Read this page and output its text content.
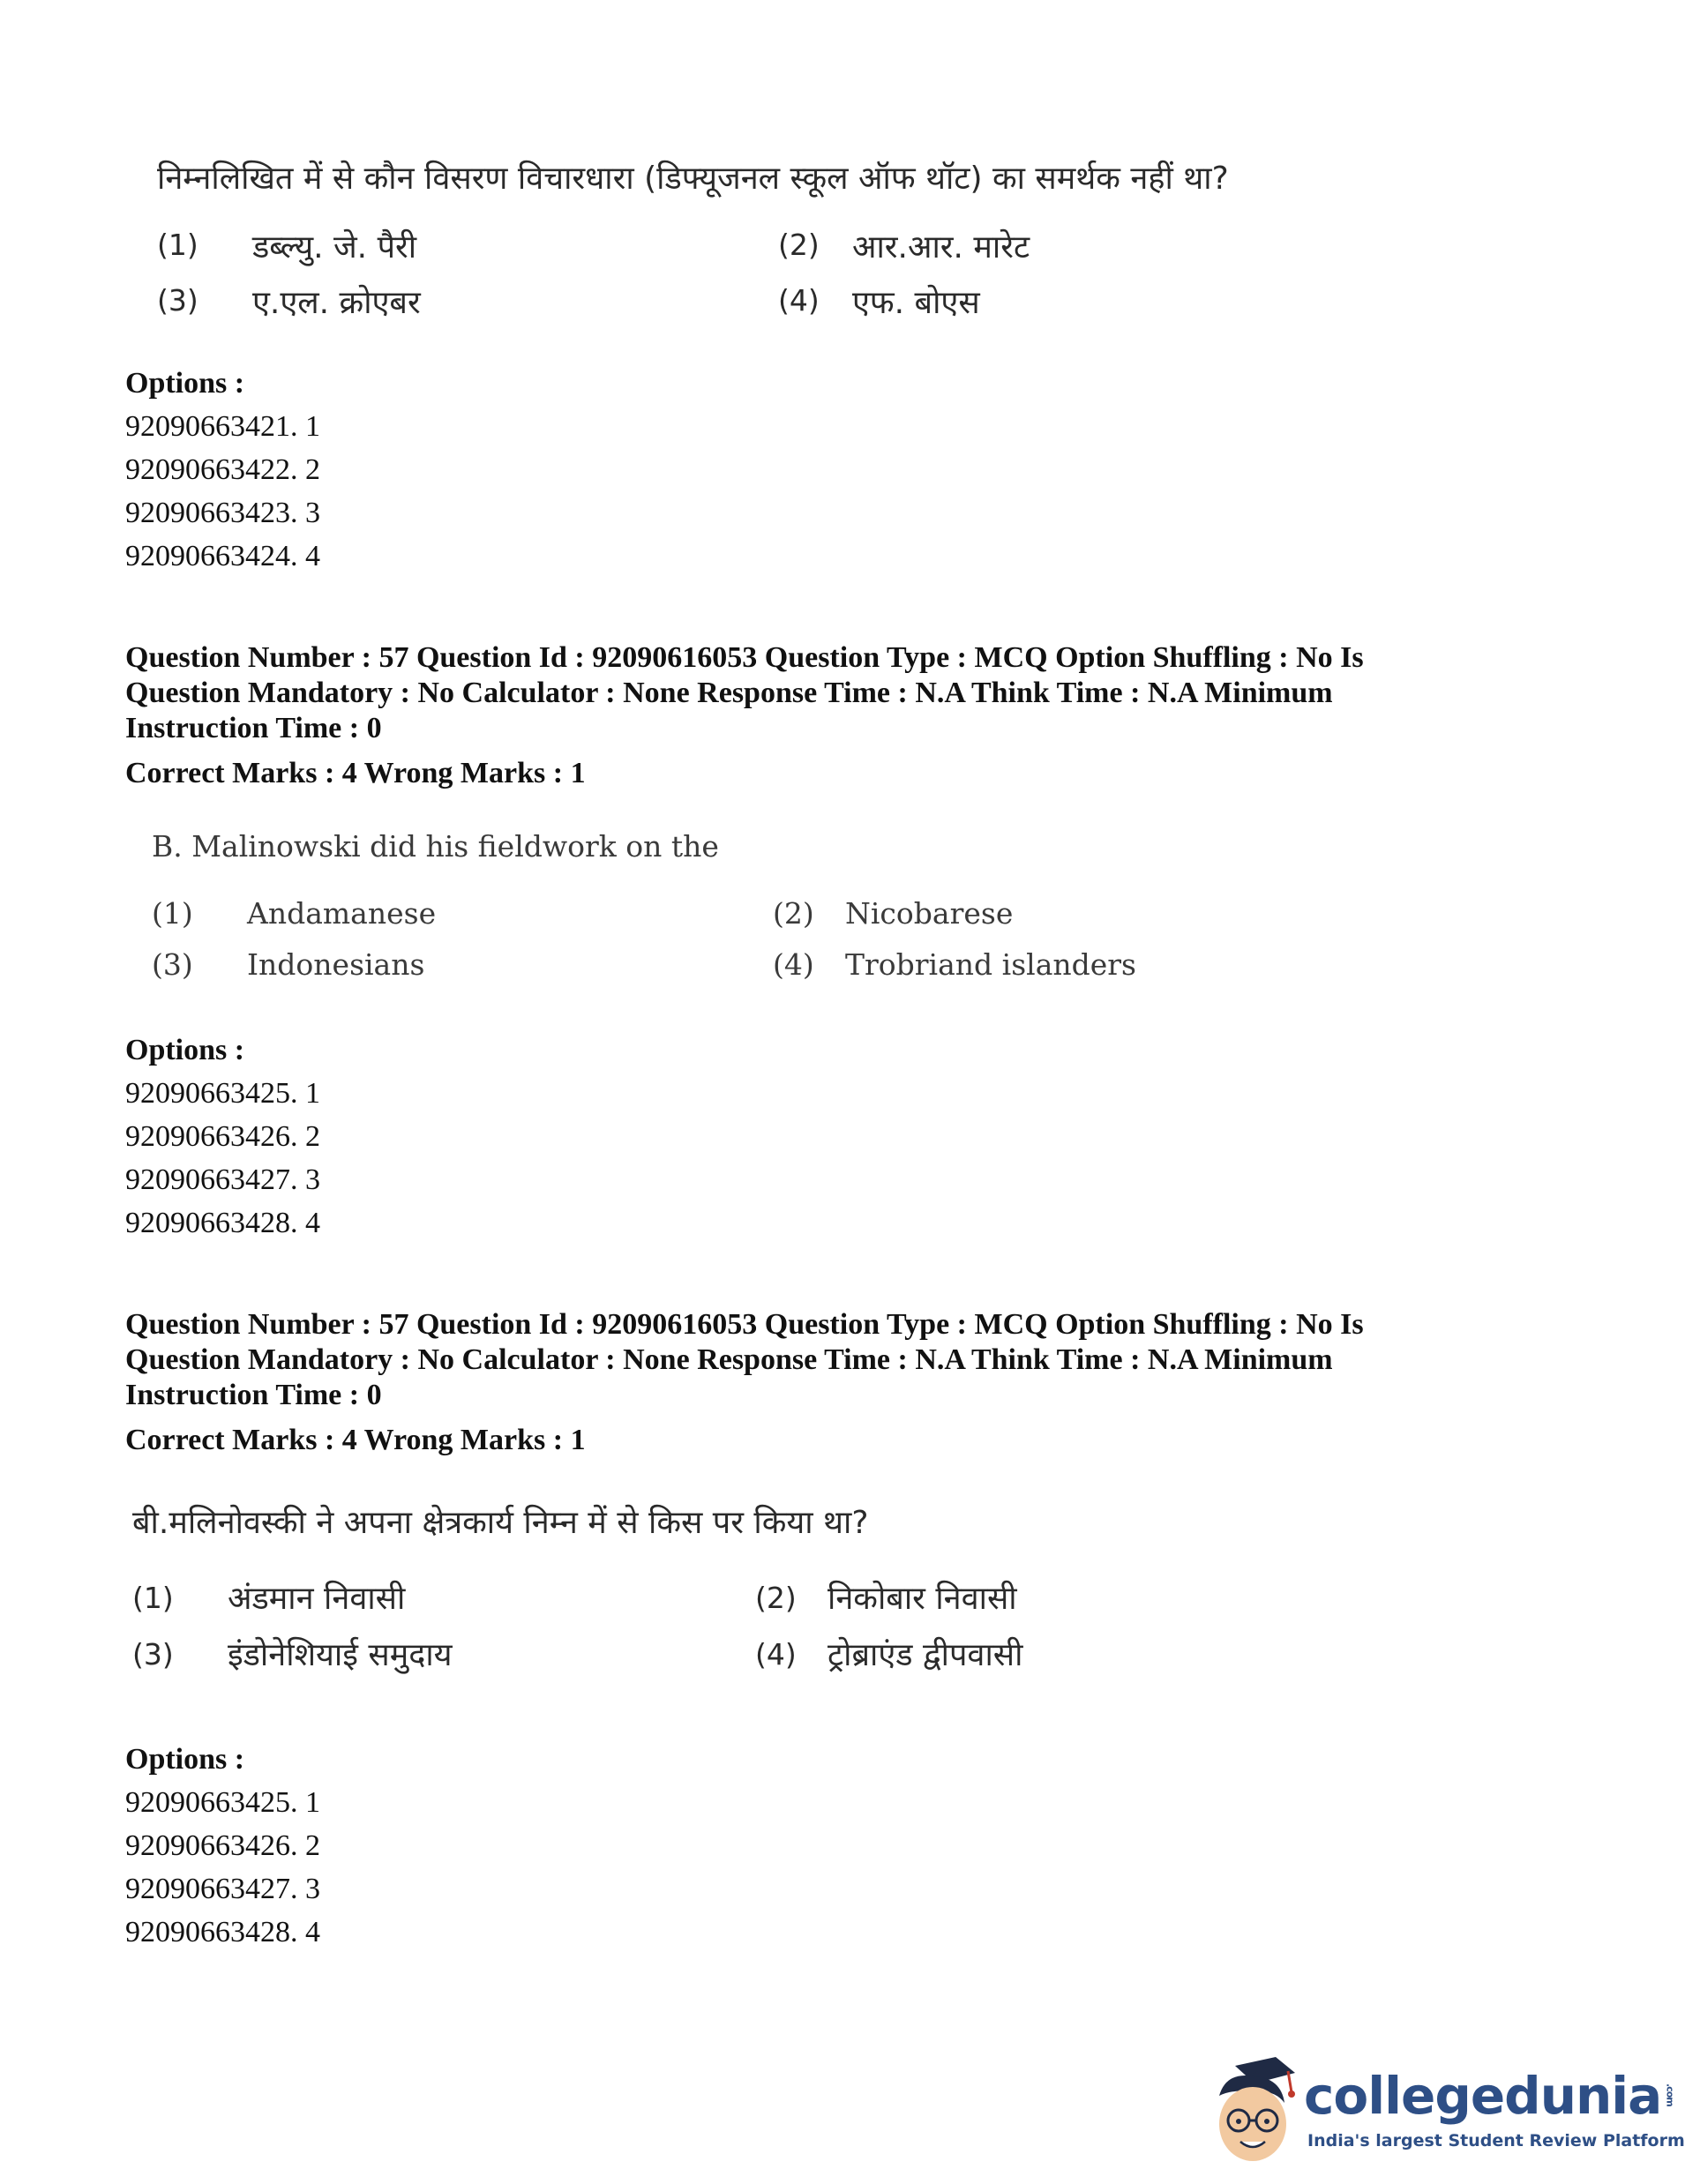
निम्नलिखित में से कौन विसरण विचारधारा (डिफ्यूजनल स्कूल ऑफ थॉट) का समर्थक नहीं था?
(1) डब्ल्यु. जे. पैरी	(2) आर.आर. मारेट
(3) ए.एल. क्रोएबर	(4) एफ. बोएस
Options :
92090663421. 1
92090663422. 2
92090663423. 3
92090663424. 4
Question Number : 57 Question Id : 92090616053 Question Type : MCQ Option Shuffling : No Is Question Mandatory : No Calculator : None Response Time : N.A Think Time : N.A Minimum Instruction Time : 0
Correct Marks : 4 Wrong Marks : 1
B. Malinowski did his fieldwork on the
(1) Andamanese	(2) Nicobarese
(3) Indonesians	(4) Trobriand islanders
Options :
92090663425. 1
92090663426. 2
92090663427. 3
92090663428. 4
Question Number : 57 Question Id : 92090616053 Question Type : MCQ Option Shuffling : No Is Question Mandatory : No Calculator : None Response Time : N.A Think Time : N.A Minimum Instruction Time : 0
Correct Marks : 4 Wrong Marks : 1
बी.मलिनोवस्की ने अपना क्षेत्रकार्य निम्न में से किस पर किया था?
(1) अंडमान निवासी	(2) निकोबार निवासी
(3) इंडोनेशियाई समुदाय	(4) ट्रोब्राएंड द्वीपवासी
Options :
92090663425. 1
92090663426. 2
92090663427. 3
92090663428. 4
collegedunia .com
India's largest Student Review Platform
